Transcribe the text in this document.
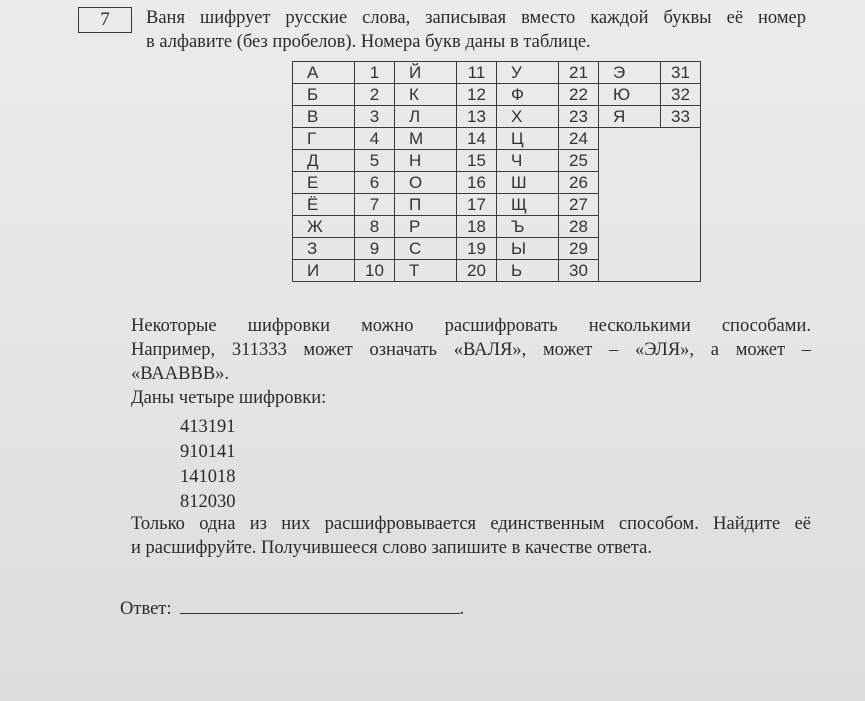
7	Ваня шифрует русские слова, записывая вместо каждой буквы её номер
в алфавите (без пробелов). Номера букв даны в таблице.
А	1	Й	11	У	21	Э	31
Б	2	К	12	Ф	22	Ю	32
В	3	Л	13	Х	23	Я	33
Г	4	М	14	Ц	24		
Д	5	Н	15	Ч	25		
Е	6	О	16	Ш	26		
Ё	7	П	17	Щ	27		
Ж	8	Р	18	Ъ	28		
З	9	С	19	Ы	29		
И	10	Т	20	Ь	30		
Некоторые шифровки можно расшифровать несколькими способами.
Например, 311333 может означать «ВАЛЯ», может – «ЭЛЯ», а может –
«ВААВВВ».
Даны четыре шифровки:
413191
910141
141018
812030
Только одна из них расшифровывается единственным способом. Найдите её
и расшифруйте. Получившееся слово запишите в качестве ответа.
Ответ:	.
